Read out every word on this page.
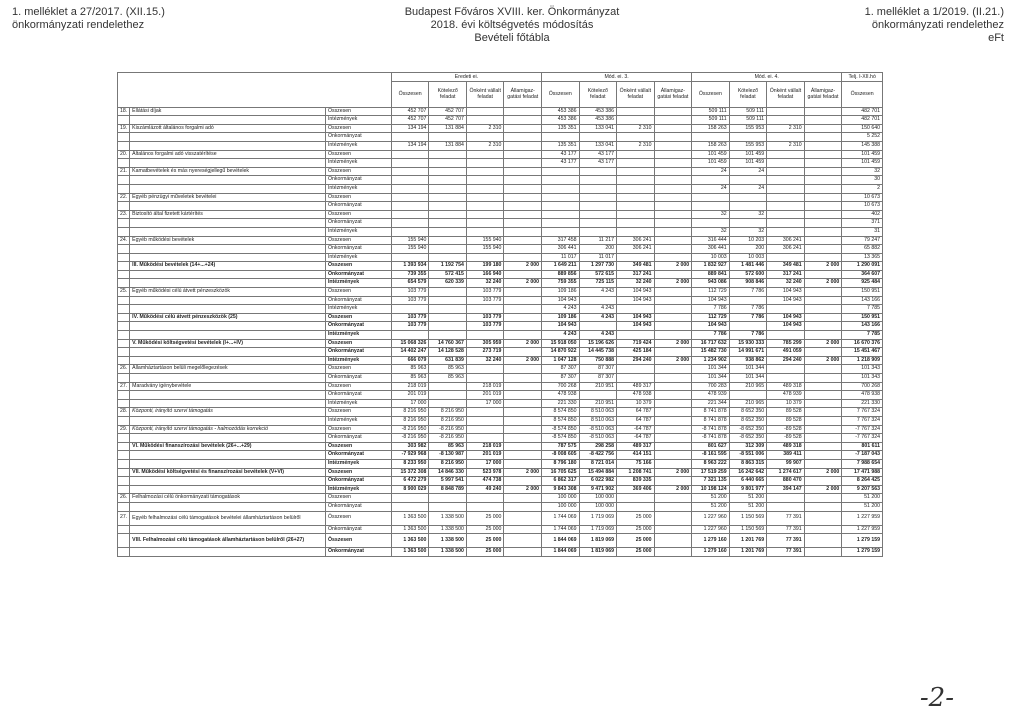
1. melléklet a 27/2017. (XII.15.)
önkormányzati rendelethez
Budapest Főváros XVIII. ker. Önkormányzat
2018. évi költségvetés módosítás
Bevételi főtábla
1. melléklet a 1/2019. (II.21.)
önkormányzati rendelethez
eFt
			Eredeti ei.				Mód. ei. 3.				Mód. ei. 4.				Telj. I-XII.hó
			Összesen	Kötelező feladat	Önként vállalt feladat	Államigaz-gatási feladat	Összesen	Kötelező feladat	Önként vállalt feladat	Államigaz-gatási feladat	Összesen	Kötelező feladat	Önként vállalt feladat	Államigaz-gatási feladat	Összesen
18.	Ellátási díjak	Összesen	452 707	452 707			453 386	453 386			509 111	509 111			482 701
		Intézmények	452 707	452 707			453 386	453 386			509 111	509 111			482 701
19.	Kiszámlázott általános forgalmi adó	Összesen	134 194	131 884	2 310		135 351	133 041	2 310		158 263	155 953	2 310		150 640
		Önkormányzat													5 252
		Intézmények	134 194	131 884	2 310		135 351	133 041	2 310		158 263	155 953	2 310		145 388
20.	Általános forgalmi adó visszatérítése	Összesen					43 177	43 177			101 459	101 459			101 459
		Intézmények					43 177	43 177			101 459	101 459			101 459
21.	Kamatbevételek és más nyereségjellegű bevételek	Összesen									24	24			32
		Önkormányzat													30
		Intézmények									24	24			2
22.	Egyéb pénzügyi műveletek bevételei	Összesen													10 673
		Önkormányzat													10 673
23.	Biztosító által fizetett kártérítés	Összesen									32	32			402
		Önkormányzat													371
		Intézmények									32	32			31
24.	Egyéb működési bevételek	Összesen	155 940		155 940		317 458	11 217	306 241		316 444	10 203	306 241		79 247
		Önkormányzat	155 940		155 940		306 441	200	306 241		306 441	200	306 241		65 882
		Intézmények					11 017	11 017			10 003	10 003			13 365
	III. Működési bevételek (14+...+24)	Összesen	1 393 934	1 192 754	199 180	2 000	1 649 211	1 297 730	349 481	2 000	1 832 927	1 481 446	349 481	2 000	1 290 091
		Önkormányzat	739 355	572 415	166 940		889 856	572 615	317 241		889 841	572 600	317 241		364 607
		Intézmények	654 579	620 339	32 240	2 000	759 355	725 115	32 240	2 000	943 086	908 846	32 240	2 000	925 484
25.	Egyéb működési célú átvett pénzeszközök	Összesen	103 779		103 779		109 186	4 243	104 943		112 729	7 786	104 943		150 951
		Önkormányzat	103 779		103 779		104 943		104 943		104 943		104 943		143 166
		Intézmények					4 243	4 243			7 786	7 786			7 785
	IV. Működési célú átvett pénzeszközök (25)	Összesen	103 779		103 779		109 186	4 243	104 943		112 729	7 786	104 943		150 951
		Önkormányzat	103 779		103 779		104 943		104 943		104 943		104 943		143 166
		Intézmények					4 243	4 243			7 786	7 786			7 785
	V. Működési költségvetési bevételek (I+...+IV)	Összesen	15 068 326	14 760 367	305 959	2 000	15 918 050	15 196 626	719 424	2 000	16 717 632	15 930 333	785 299	2 000	16 670 376
		Önkormányzat	14 402 247	14 128 528	273 719		14 870 922	14 445 738	425 184		15 482 730	14 991 671	491 059		15 451 467
		Intézmények	666 079	631 839	32 240	2 000	1 047 128	750 888	294 240	2 000	1 234 902	938 862	294 240	2 000	1 218 909
26.	Államháztartáson belüli megelőlegezések	Összesen	85 963	85 963			87 307	87 307			101 344	101 344			101 343
		Önkormányzat	85 963	85 963			87 307	87 307			101 344	101 344			101 343
27.	Maradvány igénybevétele	Összesen	218 019		218 019		700 268	210 951	489 317		700 283	210 965	489 318		700 268
		Önkormányzat	201 019		201 019		478 938		478 938		478 939		478 939		478 938
		Intézmények	17 000		17 000		221 330	210 951	10 379		221 344	210 965	10 379		221 330
28.	Központi, irányító szervi támogatás	Összesen	8 216 950	8 216 950			8 574 850	8 510 063	64 787		8 741 878	8 652 350	89 528		7 767 324
		Intézmények	8 216 950	8 216 950			8 574 850	8 510 063	64 787		8 741 878	8 652 350	89 528		7 767 324
29.	Központi, irányító szervi támogatás - halmozódás korrekció	Összesen	-8 216 950	-8 216 950			-8 574 850	-8 510 063	-64 787		-8 741 878	-8 652 350	-89 528		-7 767 324
		Önkormányzat	-8 216 950	-8 216 950			-8 574 850	-8 510 063	-64 787		-8 741 878	-8 652 350	-89 528		-7 767 324
	VI. Működési finanszírozási bevételek (26+...+29)	Összesen	303 982	85 963	218 019		787 575	298 258	489 317		801 627	312 309	489 318		801 611
		Önkormányzat	-7 929 968	-8 130 987	201 019		-8 008 605	-8 422 756	414 151		-8 161 595	-8 551 006	389 411		-7 187 043
		Intézmények	8 233 950	8 216 950	17 000		8 796 180	8 721 014	75 166		8 963 222	8 863 315	99 907		7 988 654
	VII. Működési költségvetési és finanszírozási bevételek (V+VI)	Összesen	15 372 308	14 846 330	523 978	2 000	16 705 625	15 494 884	1 208 741	2 000	17 519 259	16 242 642	1 274 617	2 000	17 471 988
		Önkormányzat	6 472 279	5 997 541	474 738		6 862 317	6 022 982	839 335		7 321 135	6 440 665	880 470		8 264 425
		Intézmények	8 900 029	8 848 789	49 240	2 000	9 843 308	9 471 902	369 406	2 000	10 198 124	9 801 977	394 147	2 000	9 207 563
26.	Felhalmozási célú önkormányzati támogatások	Összesen					100 000	100 000			51 200	51 200			51 200
		Önkormányzat					100 000	100 000			51 200	51 200			51 200
27.	Egyéb felhalmozási célú támogatások bevételei államháztartáson belülről	Összesen	1 363 500	1 338 500	25 000		1 744 069	1 719 069	25 000		1 227 960	1 150 569	77 391		1 227 959
		Önkormányzat	1 363 500	1 338 500	25 000		1 744 069	1 719 069	25 000		1 227 960	1 150 569	77 391		1 227 959
	VIII. Felhalmozási célú támogatások államháztartáson belülről (26+27)	Összesen	1 363 500	1 338 500	25 000		1 844 069	1 819 069	25 000		1 279 160	1 201 769	77 391		1 279 159
		Önkormányzat	1 363 500	1 338 500	25 000		1 844 069	1 819 069	25 000		1 279 160	1 201 769	77 391		1 279 159
-2-
